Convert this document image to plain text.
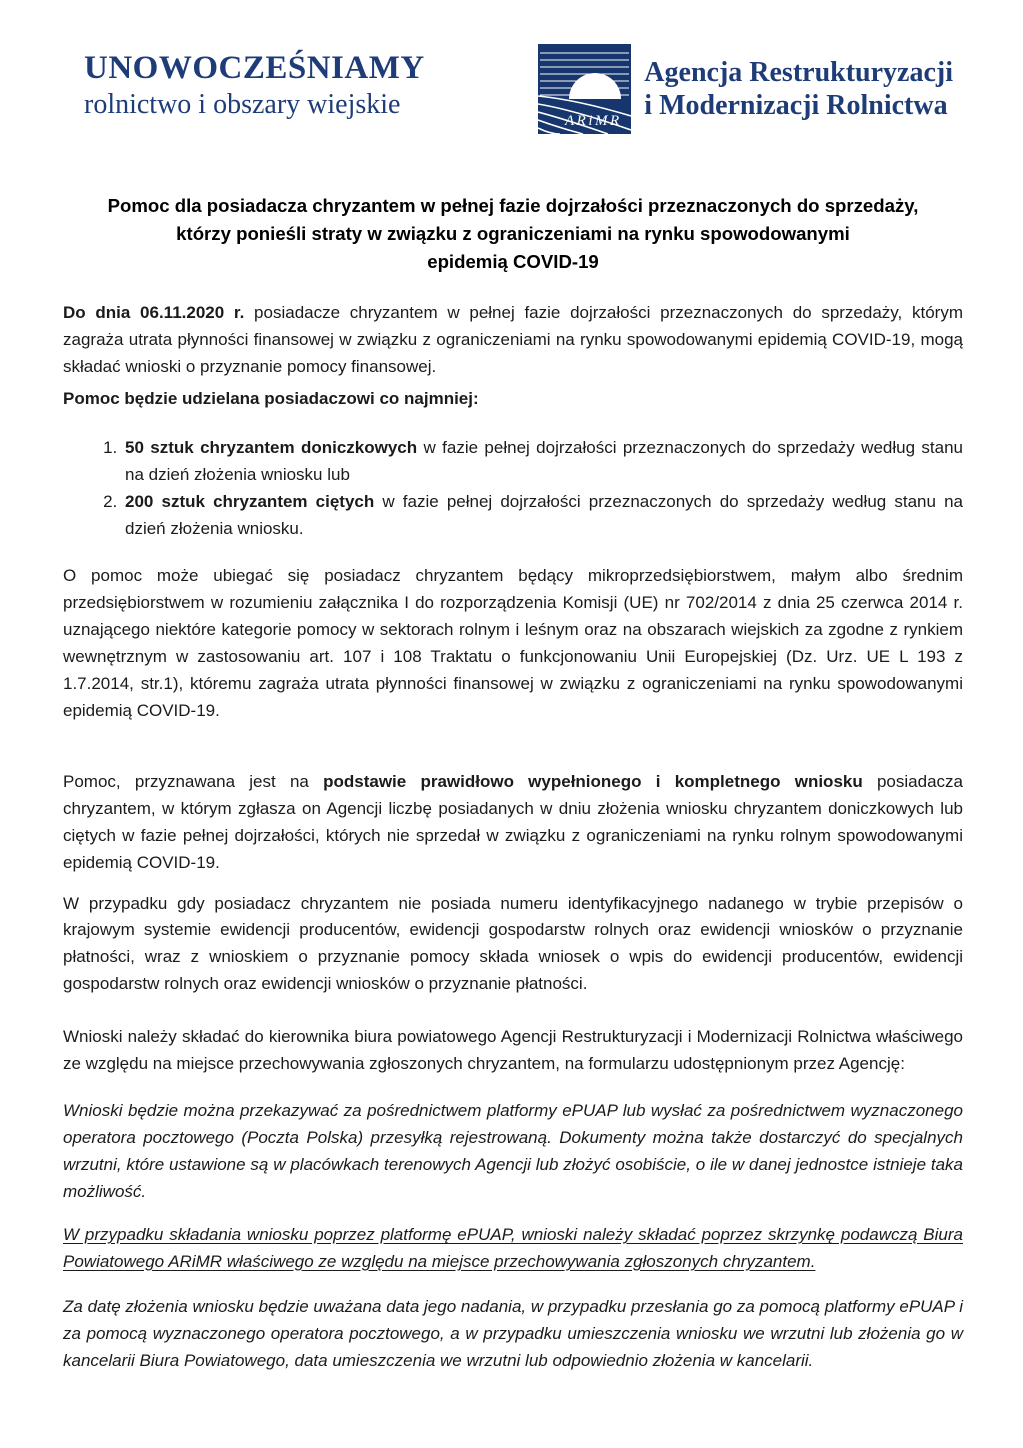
UNOWOCZEŚNIAMY
rolnictwo i obszary wiejskie
ARiMR
Agencja Restrukturyzacji
i Modernizacji Rolnictwa
Pomoc dla posiadacza chryzantem w pełnej fazie dojrzałości przeznaczonych do sprzedaży,
którzy ponieśli straty w związku z ograniczeniami na rynku spowodowanymi
epidemią COVID-19

Do dnia 06.11.2020 r. posiadacze chryzantem w pełnej fazie dojrzałości przeznaczonych do sprzedaży, którym zagraża utrata płynności finansowej w związku z ograniczeniami na rynku spowodowanymi epidemią COVID-19, mogą składać wnioski o przyznanie pomocy finansowej.

Pomoc będzie udzielana posiadaczowi co najmniej:

1. 50 sztuk chryzantem doniczkowych w fazie pełnej dojrzałości przeznaczonych do sprzedaży według stanu na dzień złożenia wniosku lub
2. 200 sztuk chryzantem ciętych w fazie pełnej dojrzałości przeznaczonych do sprzedaży według stanu na dzień złożenia wniosku.

O pomoc może ubiegać się posiadacz chryzantem będący mikroprzedsiębiorstwem, małym albo średnim przedsiębiorstwem w rozumieniu załącznika I do rozporządzenia Komisji (UE) nr 702/2014 z dnia 25 czerwca 2014 r. uznającego niektóre kategorie pomocy w sektorach rolnym i leśnym oraz na obszarach wiejskich za zgodne z rynkiem wewnętrznym w zastosowaniu art. 107 i 108 Traktatu o funkcjonowaniu Unii Europejskiej (Dz. Urz. UE L 193 z 1.7.2014, str.1), któremu zagraża utrata płynności finansowej w związku z ograniczeniami na rynku spowodowanymi epidemią COVID-19.

Pomoc, przyznawana jest na podstawie prawidłowo wypełnionego i kompletnego wniosku posiadacza chryzantem, w którym zgłasza on Agencji liczbę posiadanych w dniu złożenia wniosku chryzantem doniczkowych lub ciętych w fazie pełnej dojrzałości, których nie sprzedał w związku z ograniczeniami na rynku rolnym spowodowanymi epidemią COVID-19.

W przypadku gdy posiadacz chryzantem nie posiada numeru identyfikacyjnego nadanego w trybie przepisów o krajowym systemie ewidencji producentów, ewidencji gospodarstw rolnych oraz ewidencji wniosków o przyznanie płatności, wraz z wnioskiem o przyznanie pomocy składa wniosek o wpis do ewidencji producentów, ewidencji gospodarstw rolnych oraz ewidencji wniosków o przyznanie płatności.

Wnioski należy składać do kierownika biura powiatowego Agencji Restrukturyzacji i Modernizacji Rolnictwa właściwego ze względu na miejsce przechowywania zgłoszonych chryzantem, na formularzu udostępnionym przez Agencję:

Wnioski będzie można przekazywać za pośrednictwem platformy ePUAP lub wysłać za pośrednictwem wyznaczonego operatora pocztowego (Poczta Polska) przesyłką rejestrowaną. Dokumenty można także dostarczyć do specjalnych wrzutni, które ustawione są w placówkach terenowych Agencji lub złożyć osobiście, o ile w danej jednostce istnieje taka możliwość.

W przypadku składania wniosku poprzez platformę ePUAP, wnioski należy składać poprzez skrzynkę podawczą Biura Powiatowego ARiMR właściwego ze względu na miejsce przechowywania zgłoszonych chryzantem.

Za datę złożenia wniosku będzie uważana data jego nadania, w przypadku przesłania go za pomocą platformy ePUAP i za pomocą wyznaczonego operatora pocztowego, a w przypadku umieszczenia wniosku we wrzutni lub złożenia go w kancelarii Biura Powiatowego, data umieszczenia we wrzutni lub odpowiednio złożenia w kancelarii.
